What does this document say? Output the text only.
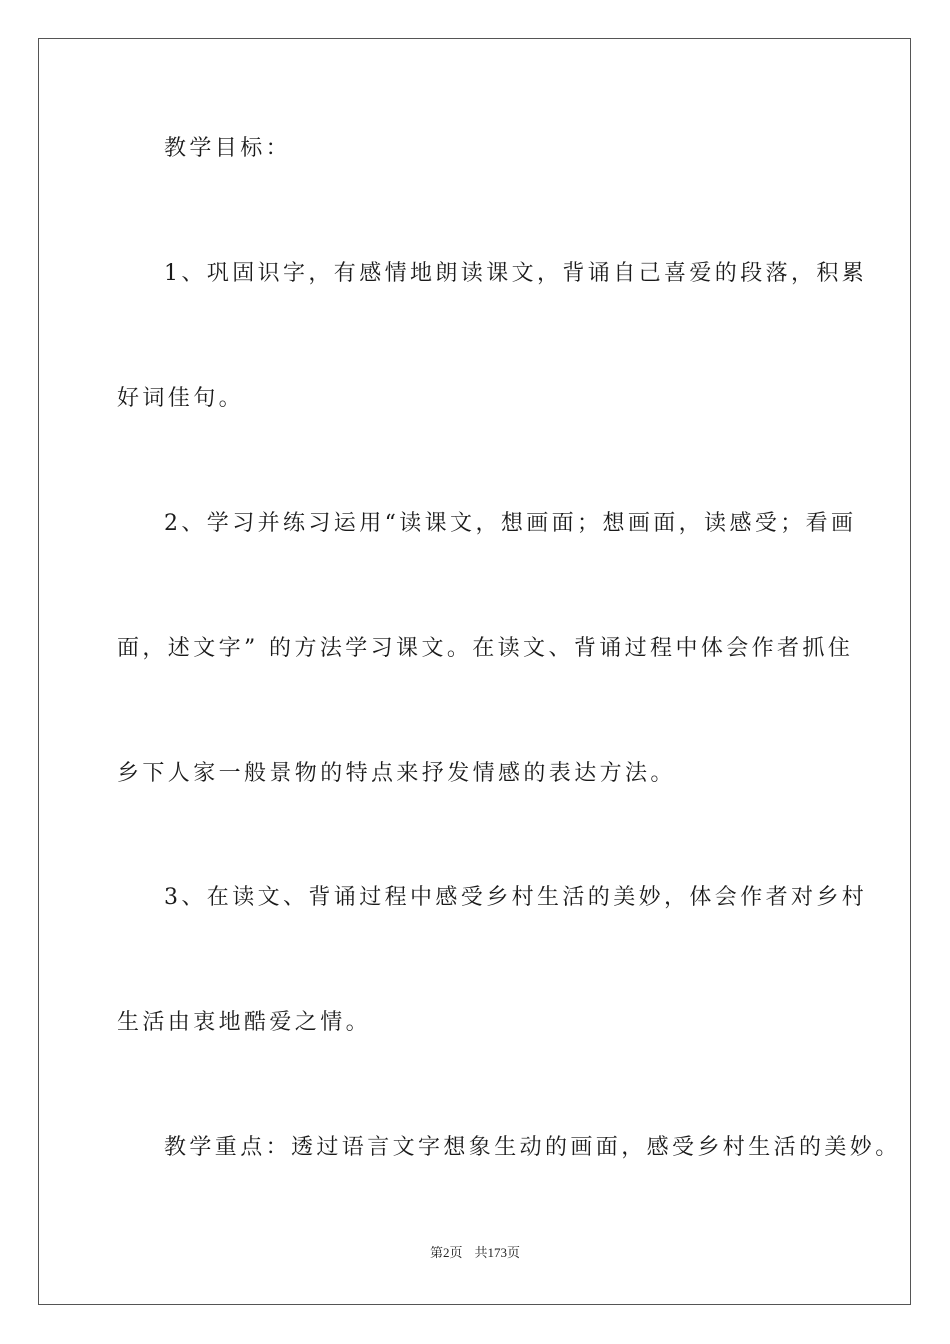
教学目标：
1、巩固识字，有感情地朗读课文，背诵自己喜爱的段落，积累
好词佳句。
2、学习并练习运用“读课文，想画面；想画面，读感受；看画
面，述文字” 的方法学习课文。在读文、背诵过程中体会作者抓住
乡下人家一般景物的特点来抒发情感的表达方法。
3、在读文、背诵过程中感受乡村生活的美妙，体会作者对乡村
生活由衷地酷爱之情。
教学重点：透过语言文字想象生动的画面，感受乡村生活的美妙。
第2页 共173页
